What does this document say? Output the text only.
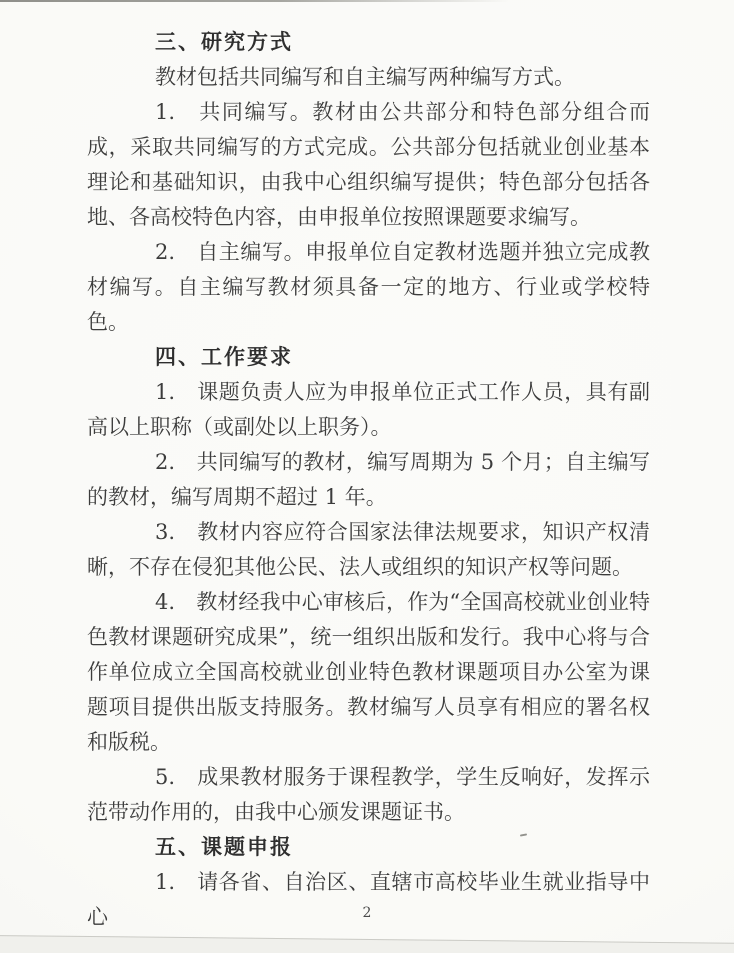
三、研究方式

教材包括共同编写和自主编写两种编写方式。

1.　共同编写。教材由公共部分和特色部分组合而成，采取共同编写的方式完成。公共部分包括就业创业基本理论和基础知识，由我中心组织编写提供；特色部分包括各地、各高校特色内容，由申报单位按照课题要求编写。

2.　自主编写。申报单位自定教材选题并独立完成教材编写。自主编写教材须具备一定的地方、行业或学校特色。

四、工作要求

1.　课题负责人应为申报单位正式工作人员，具有副高以上职称（或副处以上职务）。

2.　共同编写的教材，编写周期为 5 个月；自主编写的教材，编写周期不超过 1 年。

3.　教材内容应符合国家法律法规要求，知识产权清晰，不存在侵犯其他公民、法人或组织的知识产权等问题。

4.　教材经我中心审核后，作为“全国高校就业创业特色教材课题研究成果”，统一组织出版和发行。我中心将与合作单位成立全国高校就业创业特色教材课题项目办公室为课题项目提供出版支持服务。教材编写人员享有相应的署名权和版税。

5.　成果教材服务于课程教学，学生反响好，发挥示范带动作用的，由我中心颁发课题证书。

五、课题申报

1.　请各省、自治区、直辖市高校毕业生就业指导中心	2
